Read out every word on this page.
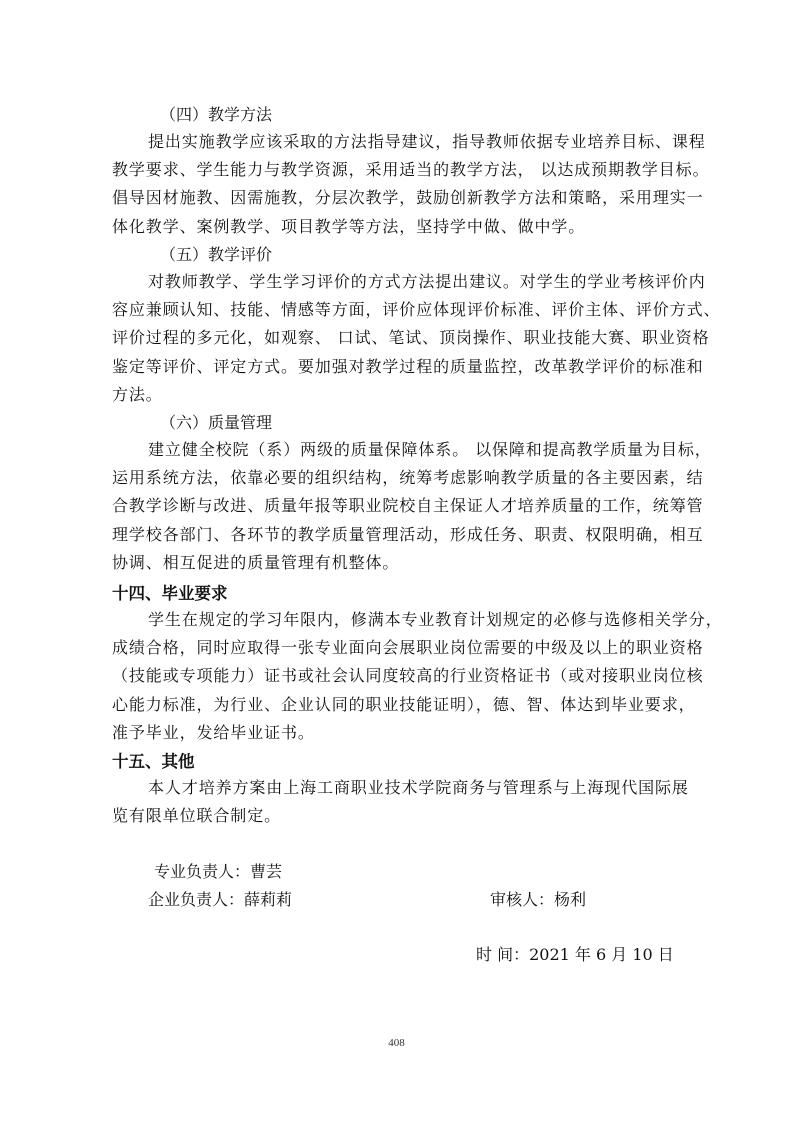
（四）教学方法
提出实施教学应该采取的方法指导建议，指导教师依据专业培养目标、课程
教学要求、学生能力与教学资源，采用适当的教学方法， 以达成预期教学目标。
倡导因材施教、因需施教，分层次教学，鼓励创新教学方法和策略，采用理实一
体化教学、案例教学、项目教学等方法，坚持学中做、做中学。
（五）教学评价
对教师教学、学生学习评价的方式方法提出建议。对学生的学业考核评价内
容应兼顾认知、技能、情感等方面，评价应体现评价标准、评价主体、评价方式、
评价过程的多元化，如观察、 口试、笔试、顶岗操作、职业技能大赛、职业资格
鉴定等评价、评定方式。要加强对教学过程的质量监控，改革教学评价的标准和
方法。
（六）质量管理
建立健全校院（系）两级的质量保障体系。 以保障和提高教学质量为目标，
运用系统方法，依靠必要的组织结构，统筹考虑影响教学质量的各主要因素，结
合教学诊断与改进、质量年报等职业院校自主保证人才培养质量的工作，统筹管
理学校各部门、各环节的教学质量管理活动，形成任务、职责、权限明确，相互
协调、相互促进的质量管理有机整体。
十四、毕业要求
学生在规定的学习年限内，修满本专业教育计划规定的必修与选修相关学分，
成绩合格，同时应取得一张专业面向会展职业岗位需要的中级及以上的职业资格
（技能或专项能力）证书或社会认同度较高的行业资格证书（或对接职业岗位核
心能力标准，为行业、企业认同的职业技能证明），德、智、体达到毕业要求，
准予毕业，发给毕业证书。
十五、其他
本人才培养方案由上海工商职业技术学院商务与管理系与上海现代国际展
览有限单位联合制定。
专业负责人：曹芸
企业负责人：薛莉莉	审核人：杨利
时 间：2021 年 6 月 10 日
408
